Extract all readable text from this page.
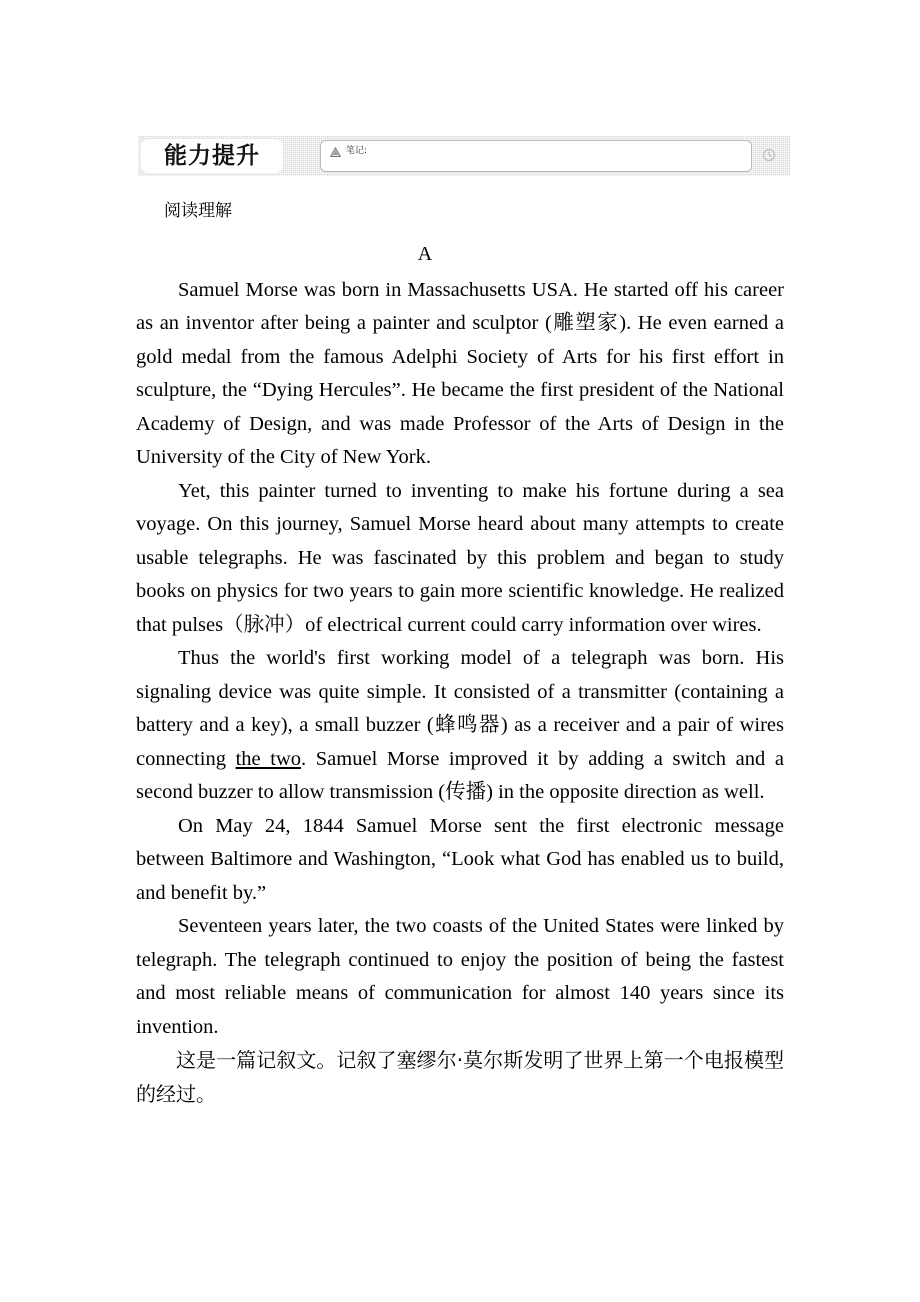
能力提升	笔记:
阅读理解
A

Samuel Morse was born in Massachusetts USA. He started off his career as an inventor after being a painter and sculptor (雕塑家). He even earned a gold medal from the famous Adelphi Society of Arts for his first effort in sculpture, the “Dying Hercules”. He became the first president of the National Academy of Design, and was made Professor of the Arts of Design in the University of the City of New York.

Yet, this painter turned to inventing to make his fortune during a sea voyage. On this journey, Samuel Morse heard about many attempts to create usable telegraphs. He was fascinated by this problem and began to study books on physics for two years to gain more scientific knowledge. He realized that pulses（脉冲）of electrical current could carry information over wires.

Thus the world's first working model of a telegraph was born. His signaling device was quite simple. It consisted of a transmitter (containing a battery and a key), a small buzzer (蜂鸣器) as a receiver and a pair of wires connecting the two. Samuel Morse improved it by adding a switch and a second buzzer to allow transmission (传播) in the opposite direction as well.

On May 24, 1844 Samuel Morse sent the first electronic message between Baltimore and Washington, “Look what God has enabled us to build, and benefit by.”

Seventeen years later, the two coasts of the United States were linked by telegraph. The telegraph continued to enjoy the position of being the fastest and most reliable means of communication for almost 140 years since its invention.

这是一篇记叙文。记叙了塞缪尔·莫尔斯发明了世界上第一个电报模型的经过。
